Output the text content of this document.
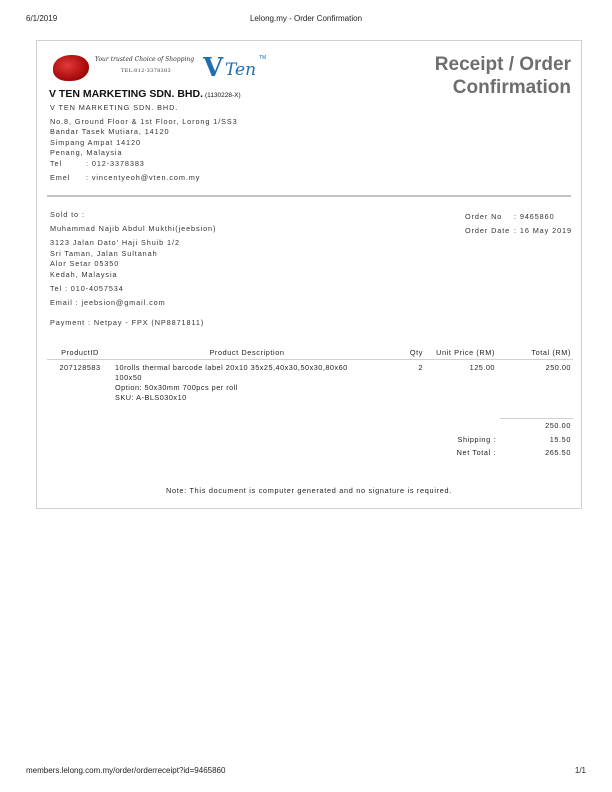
6/1/2019	Lelong.my - Order Confirmation
Your trusted Choice of Shopping
TEL:012-3378383 V Ten
TM	Receipt / Order
Confirmation
V TEN MARKETING SDN. BHD. (1130228-X)
V TEN MARKETING SDN. BHD.
No.8, Ground Floor & 1st Floor, Lorong 1/SS3
Bandar Tasek Mutiara, 14120
Simpang Ampat 14120
Penang, Malaysia
Tel	: 012-3378383
Emel	: vincentyeoh@vten.com.my
Sold to :
Muhammad Najib Abdul Mukthi(jeebsion)
3123 Jalan Dato' Haji Shuib 1/2
Sri Taman, Jalan Sultanah
Alor Setar 05350
Kedah, Malaysia
Tel : 010-4057534
Email : jeebsion@gmail.com
Payment : Netpay - FPX (NP8871811)
Order No	: 9465860
Order Date : 16 May 2019
ProductID	Product Description	Qty	Unit Price (RM)	Total (RM)
207128583	10rolls thermal barcode label 20x10 35x25,40x30,50x30,80x60
100x50
Option: 50x30mm 700pcs per roll
SKU: A-BLS030x10	2	125.00	250.00
250.00
Shipping :	15.50
Net Total :	265.50
Note: This document is computer generated and no signature is required.
members.lelong.com.my/order/orderreceipt?id=9465860	1/1
